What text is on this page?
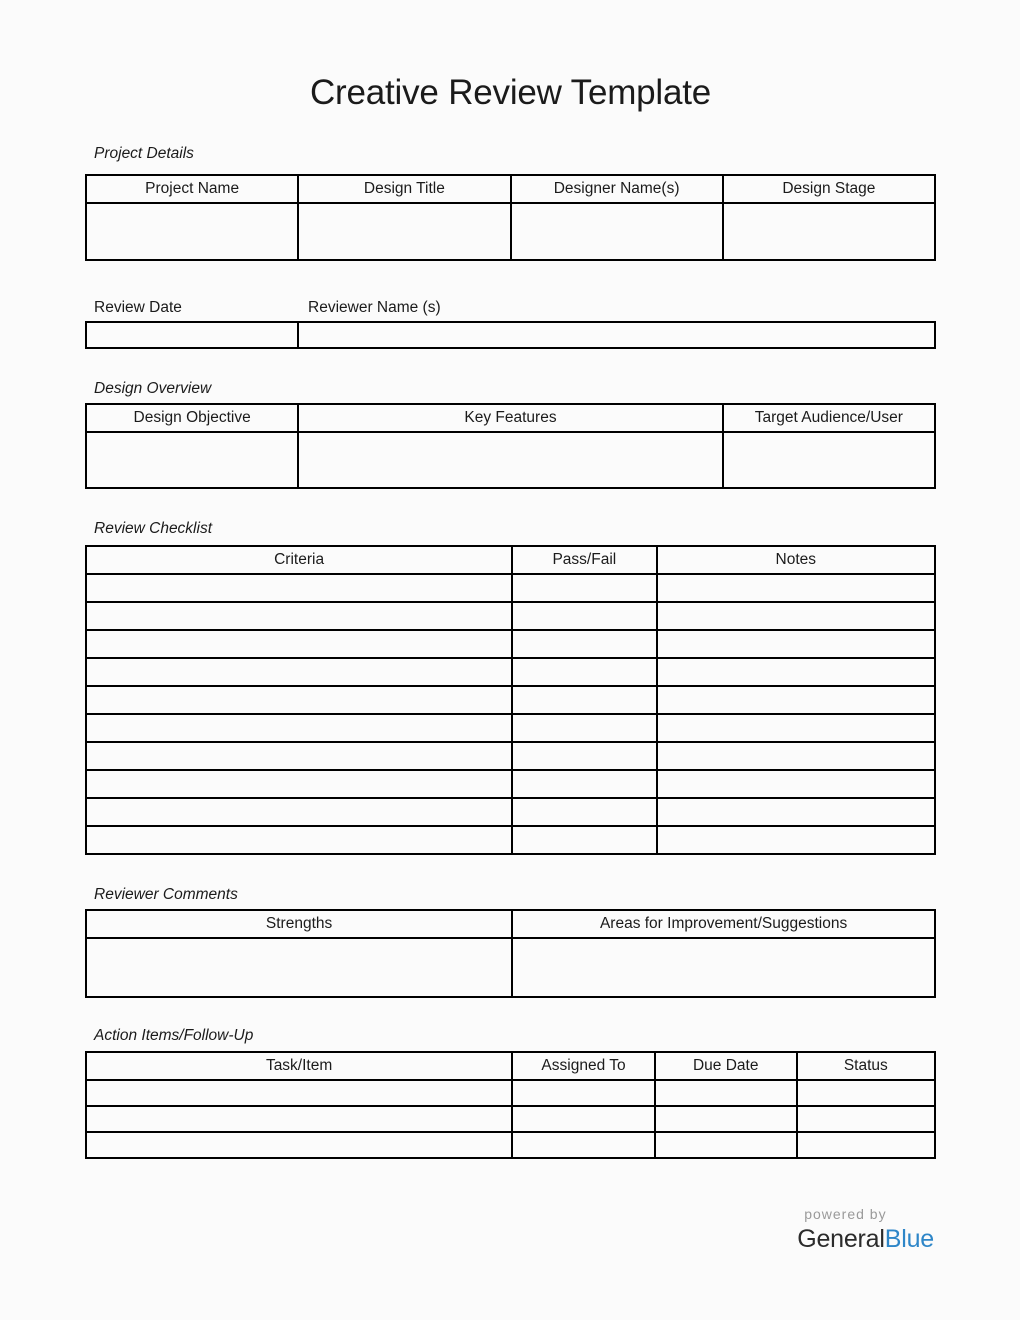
Creative Review Template
Project Details
Project Name	Design Title	Designer Name(s)	Design Stage

Review Date	Reviewer Name (s)

Design Overview
Design Objective	Key Features	Target Audience/User

Review Checklist
Criteria	Pass/Fail	Notes

Reviewer Comments
Strengths	Areas for Improvement/Suggestions

Action Items/Follow-Up
Task/Item	Assigned To	Due Date	Status

powered by
GeneralBlue
